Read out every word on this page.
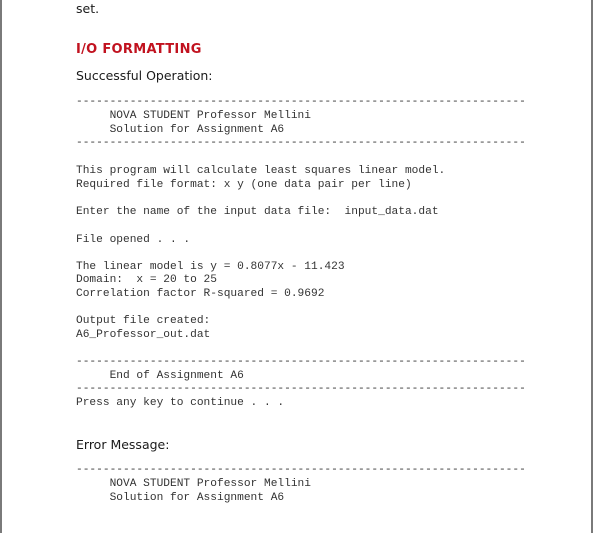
set.
I/O FORMATTING
Successful Operation:
-------------------------------------------------------------------
NOVA STUDENT Professor Mellini
Solution for Assignment A6
-------------------------------------------------------------------
This program will calculate least squares linear model.
Required file format: x y (one data pair per line)
Enter the name of the input data file:  input_data.dat
File opened . . .
The linear model is y = 0.8077x - 11.423
Domain:  x = 20 to 25
Correlation factor R-squared = 0.9692
Output file created:
A6_Professor_out.dat
-------------------------------------------------------------------
End of Assignment A6
-------------------------------------------------------------------
Press any key to continue . . .
Error Message:
-------------------------------------------------------------------
NOVA STUDENT Professor Mellini
Solution for Assignment A6
